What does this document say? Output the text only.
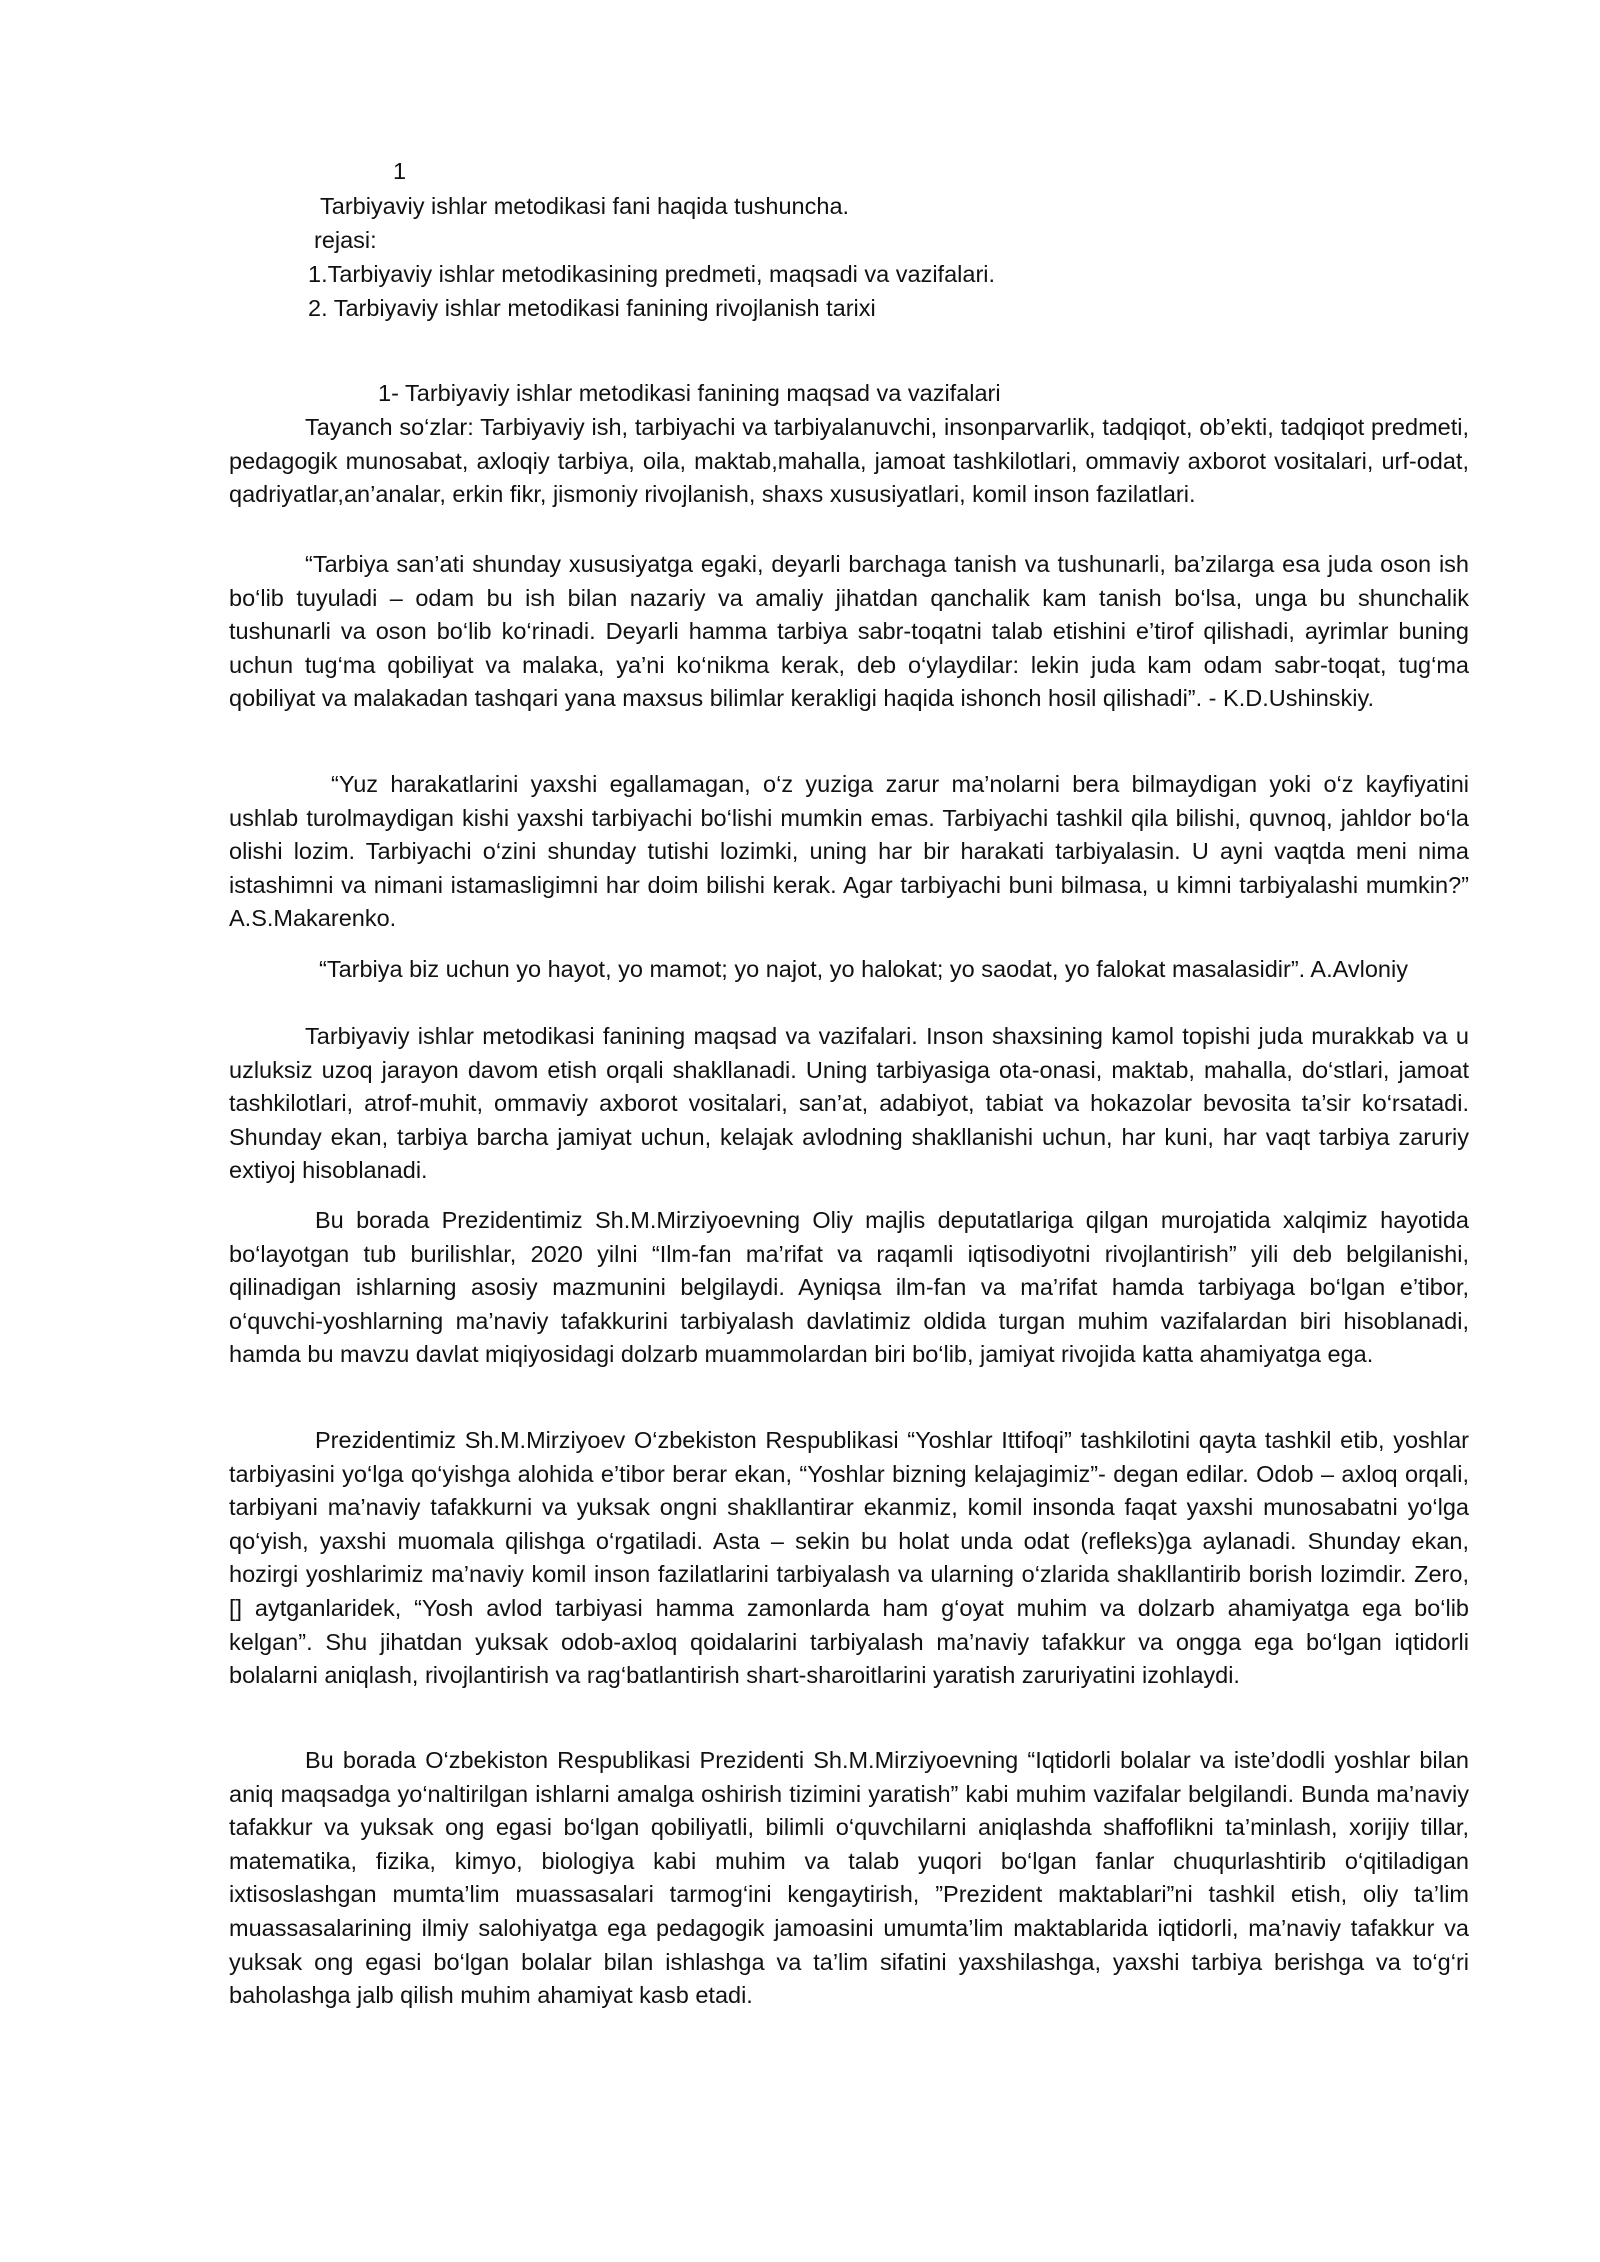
1
Tarbiyaviy ishlar metodikasi fani haqida tushuncha.
rejasi:
1.Tarbiyaviy ishlar metodikasining predmeti, maqsadi va vazifalari.
2. Tarbiyaviy ishlar metodikasi fanining rivojlanish tarixi
1- Tarbiyaviy ishlar metodikasi fanining maqsad va vazifalari

Tayanch so‘zlar: Tarbiyaviy ish, tarbiyachi va tarbiyalanuvchi, insonparvarlik, tadqiqot, ob’ekti, tadqiqot predmeti, pedagogik munosabat, axloqiy tarbiya, oila, maktab,mahalla, jamoat tashkilotlari, ommaviy axborot vositalari, urf-odat, qadriyatlar,an’analar, erkin fikr, jismoniy rivojlanish, shaxs xususiyatlari, komil inson fazilatlari.

“Tarbiya san’ati shunday xususiyatga egaki, deyarli barchaga tanish va tushunarli, ba’zilarga esa juda oson ish bo‘lib tuyuladi – odam bu ish bilan nazariy va amaliy jihatdan qanchalik kam tanish bo‘lsa, unga bu shunchalik tushunarli va oson bo‘lib ko‘rinadi. Deyarli hamma tarbiya sabr-toqatni talab etishini e’tirof qilishadi, ayrimlar buning uchun tug‘ma qobiliyat va malaka, ya’ni ko‘nikma kerak, deb o‘ylaydilar: lekin juda kam odam sabr-toqat, tug‘ma qobiliyat va malakadan tashqari yana maxsus bilimlar kerakligi haqida ishonch hosil qilishadi”. - K.D.Ushinskiy.

“Yuz harakatlarini yaxshi egallamagan, o‘z yuziga zarur ma’nolarni bera bilmaydigan yoki o‘z kayfiyatini ushlab turolmaydigan kishi yaxshi tarbiyachi bo‘lishi mumkin emas. Tarbiyachi tashkil qila bilishi, quvnoq, jahldor bo‘la olishi lozim. Tarbiyachi o‘zini shunday tutishi lozimki, uning har bir harakati tarbiyalasin. U ayni vaqtda meni nima istashimni va nimani istamasligimni har doim bilishi kerak. Agar tarbiyachi buni bilmasa, u kimni tarbiyalashi mumkin?” A.S.Makarenko.

“Tarbiya biz uchun yo hayot, yo mamot; yo najot, yo halokat; yo saodat, yo falokat masalasidir”. A.Avloniy

Tarbiyaviy ishlar metodikasi fanining maqsad va vazifalari. Inson shaxsining kamol topishi juda murakkab va u uzluksiz uzoq jarayon davom etish orqali shakllanadi. Uning tarbiyasiga ota-onasi, maktab, mahalla, do‘stlari, jamoat tashkilotlari, atrof-muhit, ommaviy axborot vositalari, san’at, adabiyot, tabiat va hokazolar bevosita ta’sir ko‘rsatadi. Shunday ekan, tarbiya barcha jamiyat uchun, kelajak avlodning shakllanishi uchun, har kuni, har vaqt tarbiya zaruriy extiyoj hisoblanadi.

Bu borada Prezidentimiz Sh.M.Mirziyoevning Oliy majlis deputatlariga qilgan murojatida xalqimiz hayotida bo‘layotgan tub burilishlar, 2020 yilni “Ilm-fan ma’rifat va raqamli iqtisodiyotni rivojlantirish” yili deb belgilanishi, qilinadigan ishlarning asosiy mazmunini belgilaydi. Ayniqsa ilm-fan va ma’rifat hamda tarbiyaga bo‘lgan e’tibor, o‘quvchi-yoshlarning ma’naviy tafakkurini tarbiyalash davlatimiz oldida turgan muhim vazifalardan biri hisoblanadi, hamda bu mavzu davlat miqiyosidagi dolzarb muammolardan biri bo‘lib, jamiyat rivojida katta ahamiyatga ega.

Prezidentimiz Sh.M.Mirziyoev O‘zbekiston Respublikasi “Yoshlar Ittifoqi” tashkilotini qayta tashkil etib, yoshlar tarbiyasini yo‘lga qo‘yishga alohida e’tibor berar ekan, “Yoshlar bizning kelajagimiz”- degan edilar. Odob – axloq orqali, tarbiyani ma’naviy tafakkurni va yuksak ongni shakllantirar ekanmiz, komil insonda faqat yaxshi munosabatni yo‘lga qo‘yish, yaxshi muomala qilishga o‘rgatiladi. Asta – sekin bu holat unda odat (refleks)ga aylanadi. Shunday ekan, hozirgi yoshlarimiz ma’naviy komil inson fazilatlarini tarbiyalash va ularning o‘zlarida shakllantirib borish lozimdir. Zero, [] aytganlaridek, “Yosh avlod tarbiyasi hamma zamonlarda ham g‘oyat muhim va dolzarb ahamiyatga ega bo‘lib kelgan”. Shu jihatdan yuksak odob-axloq qoidalarini tarbiyalash ma’naviy tafakkur va ongga ega bo‘lgan iqtidorli bolalarni aniqlash, rivojlantirish va rag‘batlantirish shart-sharoitlarini yaratish zaruriyatini izohlaydi.

Bu borada O‘zbekiston Respublikasi Prezidenti Sh.M.Mirziyoevning “Iqtidorli bolalar va iste’dodli yoshlar bilan aniq maqsadga yo‘naltirilgan ishlarni amalga oshirish tizimini yaratish” kabi muhim vazifalar belgilandi. Bunda ma’naviy tafakkur va yuksak ong egasi bo‘lgan qobiliyatli, bilimli o‘quvchilarni aniqlashda shaffoflikni ta’minlash, xorijiy tillar, matematika, fizika, kimyo, biologiya kabi muhim va talab yuqori bo‘lgan fanlar chuqurlashtirib o‘qitiladigan ixtisoslashgan mumta’lim muassasalari tarmog‘ini kengaytirish, ”Prezident maktablari”ni tashkil etish, oliy ta’lim muassasalarining ilmiy salohiyatga ega pedagogik jamoasini umumta’lim maktablarida iqtidorli, ma’naviy tafakkur va yuksak ong egasi bo‘lgan bolalar bilan ishlashga va ta’lim sifatini yaxshilashga, yaxshi tarbiya berishga va to‘g‘ri baholashga jalb qilish muhim ahamiyat kasb etadi.
